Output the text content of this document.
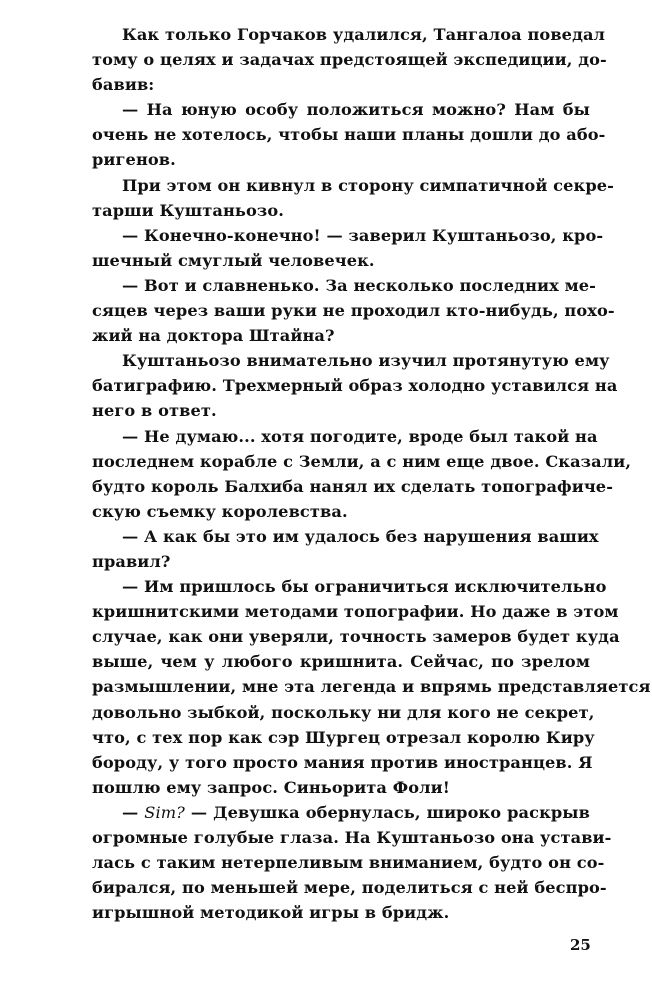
Как только Горчаков удалился, Тангалоа поведал
тому о целях и задачах предстоящей экспедиции, до-
бавив:
— На юную особу положиться можно? Нам бы
очень не хотелось, чтобы наши планы дошли до або-
ригенов.
При этом он кивнул в сторону симпатичной секре-
тарши Куштаньозо.
— Конечно-конечно! — заверил Куштаньозо, кро-
шечный смуглый человечек.
— Вот и славненько. За несколько последних ме-
сяцев через ваши руки не проходил кто-нибудь, похо-
жий на доктора Штайна?
Куштаньозо внимательно изучил протянутую ему
батиграфию. Трехмерный образ холодно уставился на
него в ответ.
— Не думаю... хотя погодите, вроде был такой на
последнем корабле с Земли, а с ним еще двое. Сказали,
будто король Балхиба нанял их сделать топографиче-
скую съемку королевства.
— А как бы это им удалось без нарушения ваших
правил?
— Им пришлось бы ограничиться исключительно
кришнитскими методами топографии. Но даже в этом
случае, как они уверяли, точность замеров будет куда
выше, чем у любого кришнита. Сейчас, по зрелом
размышлении, мне эта легенда и впрямь представляется
довольно зыбкой, поскольку ни для кого не секрет,
что, с тех пор как сэр Шургец отрезал королю Киру
бороду, у того просто мания против иностранцев. Я
пошлю ему запрос. Синьорита Фоли!
— Sim? — Девушка обернулась, широко раскрыв
огромные голубые глаза. На Куштаньозо она устави-
лась с таким нетерпеливым вниманием, будто он со-
бирался, по меньшей мере, поделиться с ней беспро-
игрышной методикой игры в бридж.
25
